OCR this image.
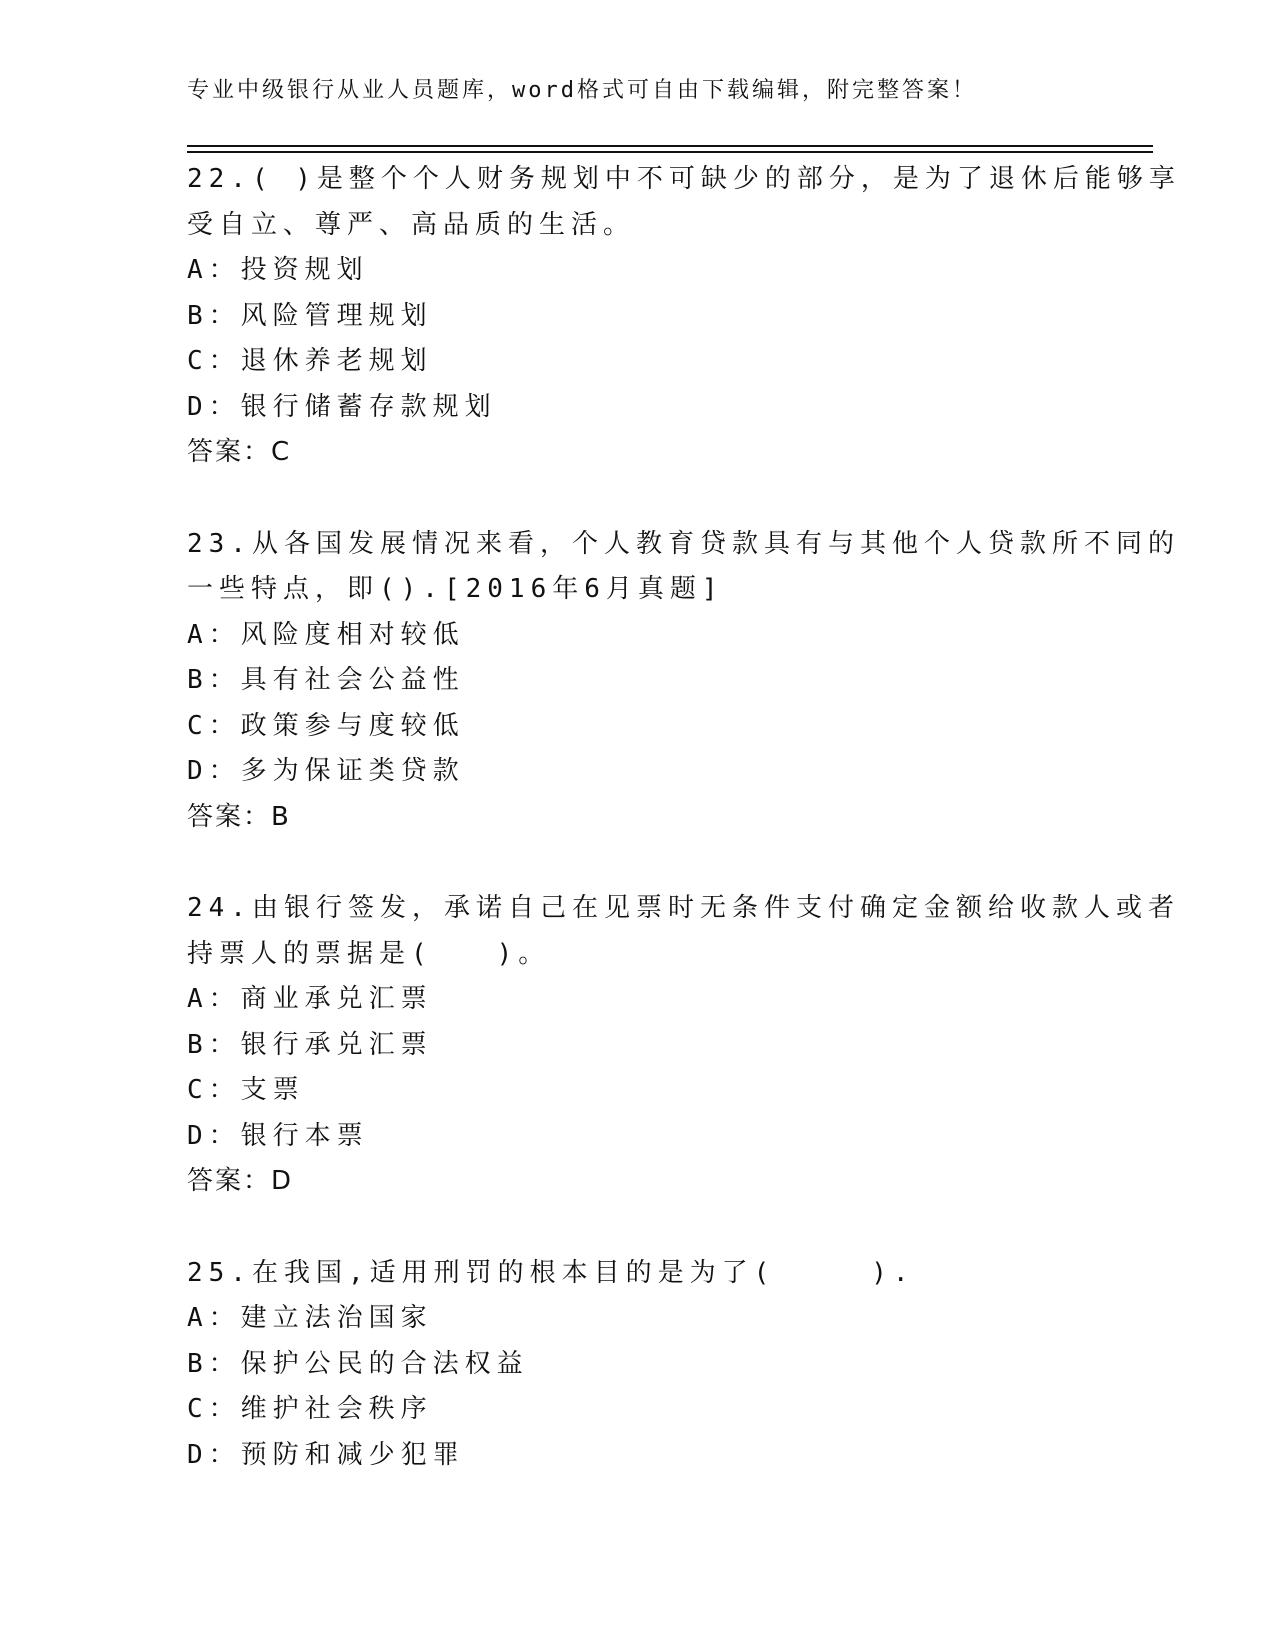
专业中级银行从业人员题库，word格式可自由下载编辑，附完整答案！
22.( )是整个个人财务规划中不可缺少的部分，是为了退休后能够享
受自立、尊严、高品质的生活。
A：投资规划
B：风险管理规划
C：退休养老规划
D：银行储蓄存款规划
答案：C
23.从各国发展情况来看，个人教育贷款具有与其他个人贷款所不同的
一些特点，即().[2016年6月真题]
A：风险度相对较低
B：具有社会公益性
C：政策参与度较低
D：多为保证类贷款
答案：B
24.由银行签发，承诺自己在见票时无条件支付确定金额给收款人或者
持票人的票据是(　　)。
A：商业承兑汇票
B：银行承兑汇票
C：支票
D：银行本票
答案：D
25.在我国,适用刑罚的根本目的是为了(　　　).
A：建立法治国家
B：保护公民的合法权益
C：维护社会秩序
D：预防和减少犯罪
